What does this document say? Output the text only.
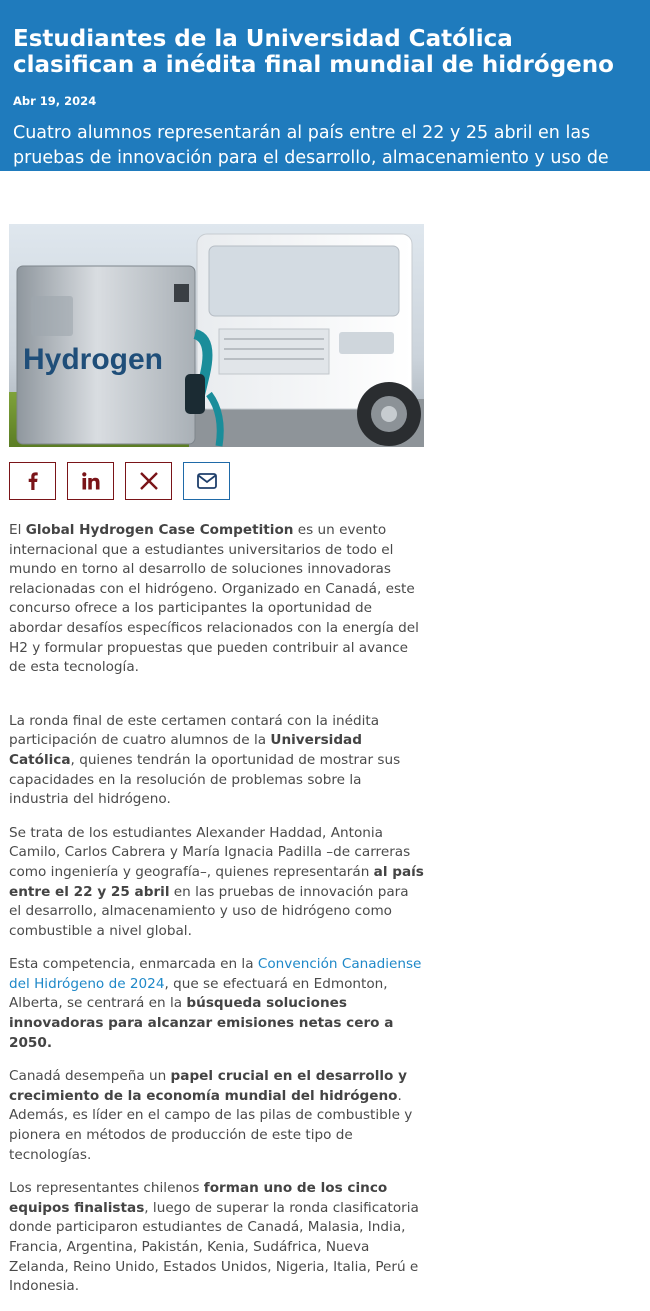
Estudiantes de la Universidad Católica clasifican a inédita final mundial de hidrógeno
Abr 19, 2024
Cuatro alumnos representarán al país entre el 22 y 25 abril en las pruebas de innovación para el desarrollo, almacenamiento y uso de H2 como combustible.
Hydrogen

El Global Hydrogen Case Competition es un evento internacional que a estudiantes universitarios de todo el mundo en torno al desarrollo de soluciones innovadoras relacionadas con el hidrógeno. Organizado en Canadá, este concurso ofrece a los participantes la oportunidad de abordar desafíos específicos relacionados con la energía del H2 y formular propuestas que pueden contribuir al avance de esta tecnología.

La ronda final de este certamen contará con la inédita participación de cuatro alumnos de la Universidad Católica, quienes tendrán la oportunidad de mostrar sus capacidades en la resolución de problemas sobre la industria del hidrógeno.

Se trata de los estudiantes Alexander Haddad, Antonia Camilo, Carlos Cabrera y María Ignacia Padilla –de carreras como ingeniería y geografía–, quienes representarán al país entre el 22 y 25 abril en las pruebas de innovación para el desarrollo, almacenamiento y uso de hidrógeno como combustible a nivel global.

Esta competencia, enmarcada en la Convención Canadiense del Hidrógeno de 2024, que se efectuará en Edmonton, Alberta, se centrará en la búsqueda soluciones innovadoras para alcanzar emisiones netas cero a 2050.

Canadá desempeña un papel crucial en el desarrollo y crecimiento de la economía mundial del hidrógeno. Además, es líder en el campo de las pilas de combustible y pionera en métodos de producción de este tipo de tecnologías.

Los representantes chilenos forman uno de los cinco equipos finalistas, luego de superar la ronda clasificatoria donde participaron estudiantes de Canadá, Malasia, India, Francia, Argentina, Pakistán, Kenia, Sudáfrica, Nueva Zelanda, Reino Unido, Estados Unidos, Nigeria, Italia, Perú e Indonesia.
